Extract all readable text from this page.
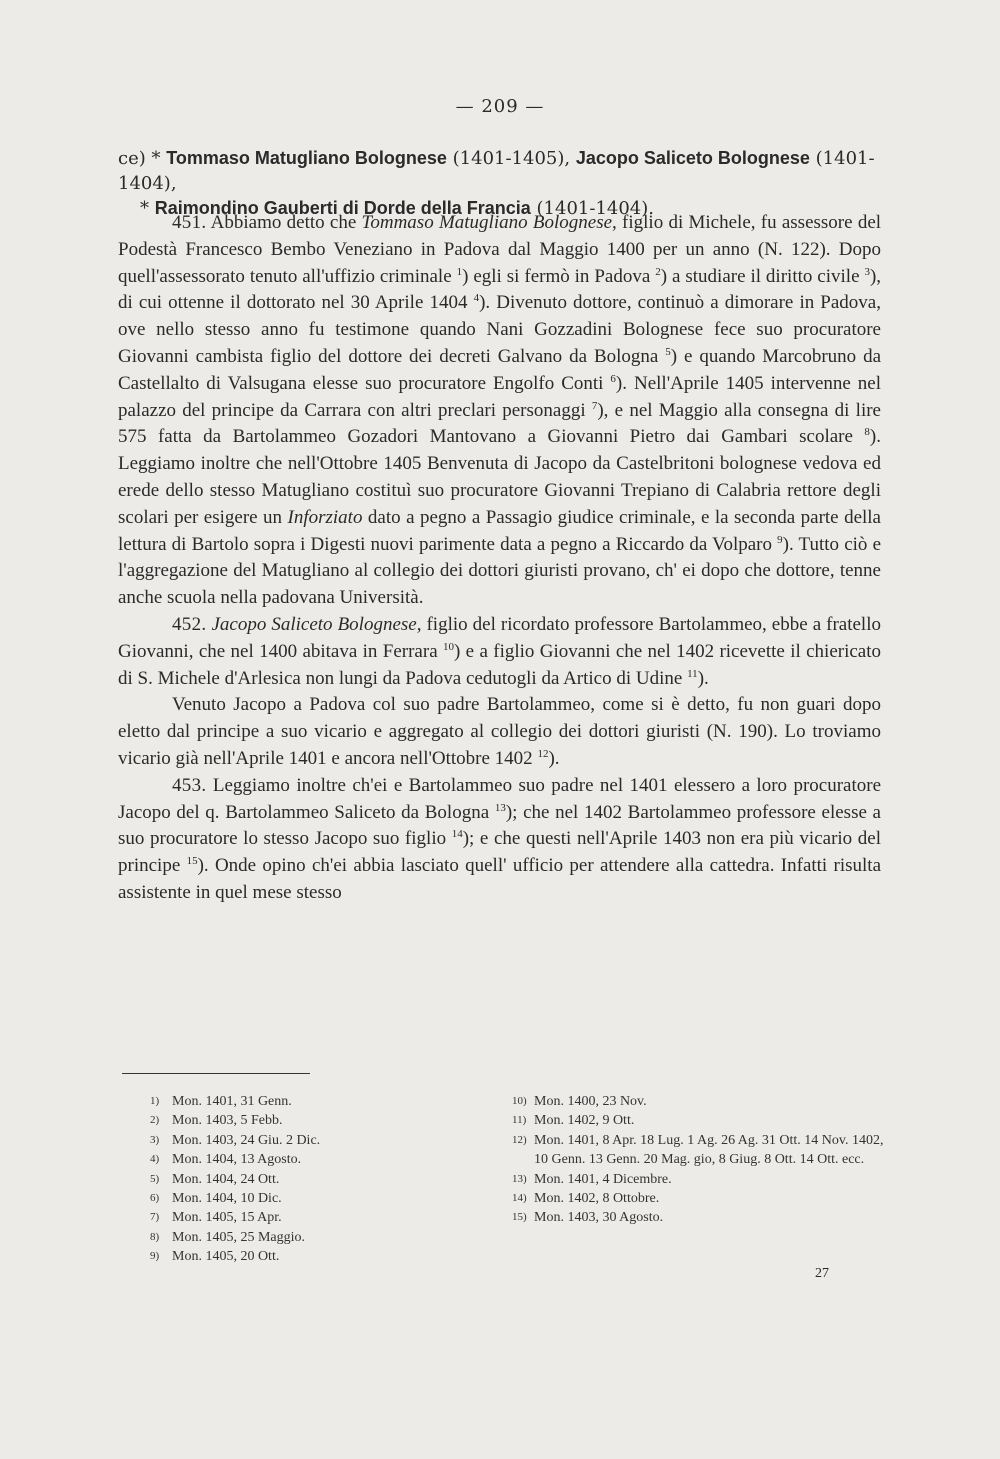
— 209 —
ce) * Tommaso Matugliano Bolognese (1401-1405), Jacopo Saliceto Bolognese (1401-1404),
* Raimondino Gauberti di Dorde della Francia (1401-1404).

451. Abbiamo detto che Tommaso Matugliano Bolognese, figlio di Michele, fu assessore del Podestà Francesco Bembo Veneziano in Padova dal Maggio 1400 per un anno (N. 122). Dopo quell'assessorato tenuto all'uffizio criminale $^1$) egli si fermò in Padova $^2$) a studiare il diritto civile $^3$), di cui ottenne il dottorato nel 30 Aprile 1404 $^4$). Divenuto dottore, continuò a dimorare in Padova, ove nello stesso anno fu testimone quando Nani Gozzadini Bolognese fece suo procuratore Giovanni cambista figlio del dottore dei decreti Galvano da Bologna $^5$) e quando Marcobruno da Castellalto di Valsugana elesse suo procuratore Engolfo Conti $^6$). Nell'Aprile 1405 intervenne nel palazzo del principe da Carrara con altri preclari personaggi $^7$), e nel Maggio alla consegna di lire 575 fatta da Bartolammeo Gozadori Mantovano a Giovanni Pietro dai Gambari scolare $^8$). Leggiamo inoltre che nell'Ottobre 1405 Benvenuta di Jacopo da Castelbritoni bolognese vedova ed erede dello stesso Matugliano costituì suo procuratore Giovanni Trepiano di Calabria rettore degli scolari per esigere un Inforziato dato a pegno a Passagio giudice criminale, e la seconda parte della lettura di Bartolo sopra i Digesti nuovi parimente data a pegno a Riccardo da Volparo $^9$). Tutto ciò e l'aggregazione del Matugliano al collegio dei dottori giuristi provano, ch' ei dopo che dottore, tenne anche scuola nella padovana Università.

452. Jacopo Saliceto Bolognese, figlio del ricordato professore Bartolammeo, ebbe a fratello Giovanni, che nel 1400 abitava in Ferrara $^{10}$) e a figlio Giovanni che nel 1402 ricevette il chiericato di S. Michele d'Arlesica non lungi da Padova cedutogli da Artico di Udine $^{11}$).

Venuto Jacopo a Padova col suo padre Bartolammeo, come si è detto, fu non guari dopo eletto dal principe a suo vicario e aggregato al collegio dei dottori giuristi (N. 190). Lo troviamo vicario già nell'Aprile 1401 e ancora nell'Ottobre 1402 $^{12}$).

453. Leggiamo inoltre ch'ei e Bartolammeo suo padre nel 1401 elessero a loro procuratore Jacopo del q. Bartolammeo Saliceto da Bologna $^{13}$); che nel 1402 Bartolammeo professore elesse a suo procuratore lo stesso Jacopo suo figlio $^{14}$); e che questi nell'Aprile 1403 non era più vicario del principe $^{15}$). Onde opino ch'ei abbia lasciato quell' ufficio per attendere alla cattedra. Infatti risulta assistente in quel mese stesso

1) Mon. 1401, 31 Genn.
2) Mon. 1403, 5 Febb.
3) Mon. 1403, 24 Giu. 2 Dic.
4) Mon. 1404, 13 Agosto.
5) Mon. 1404, 24 Ott.
6) Mon. 1404, 10 Dic.
7) Mon. 1405, 15 Apr.
8) Mon. 1405, 25 Maggio.
9) Mon. 1405, 20 Ott.
10) Mon. 1400, 23 Nov.
11) Mon. 1402, 9 Ott.
12) Mon. 1401, 8 Apr. 18 Lug. 1 Ag. 26 Ag. 31 Ott. 14 Nov. 1402, 10 Genn. 13 Genn. 20 Mag. gio, 8 Giug. 8 Ott. 14 Ott. ecc.
13) Mon. 1401, 4 Dicembre.
14) Mon. 1402, 8 Ottobre.
15) Mon. 1403, 30 Agosto.
27
